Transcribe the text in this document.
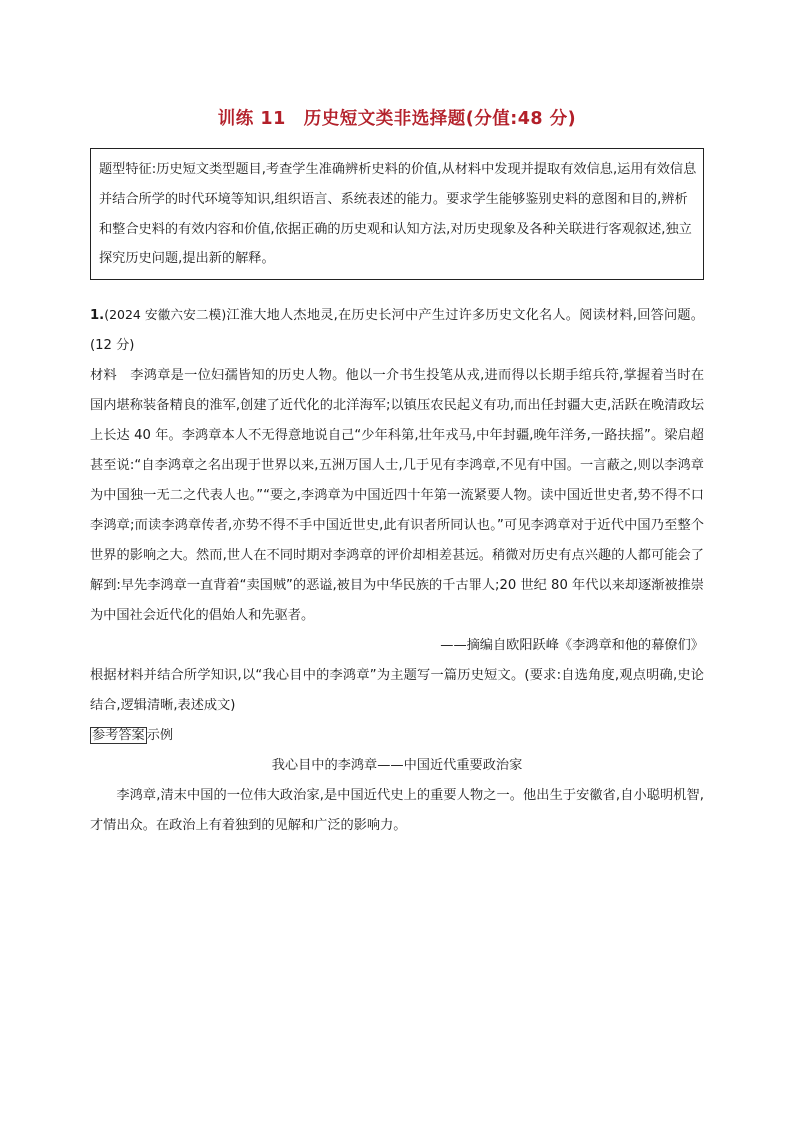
训练 11　历史短文类非选择题(分值:48 分)
题型特征:历史短文类型题目,考查学生准确辨析史料的价值,从材料中发现并提取有效信息,运用有效信息并结合所学的时代环境等知识,组织语言、系统表述的能力。要求学生能够鉴别史料的意图和目的,辨析和整合史料的有效内容和价值,依据正确的历史观和认知方法,对历史现象及各种关联进行客观叙述,独立探究历史问题,提出新的解释。

1.(2024 安徽六安二模)江淮大地人杰地灵,在历史长河中产生过许多历史文化名人。阅读材料,回答问题。(12 分)

材料 李鸿章是一位妇孺皆知的历史人物。他以一介书生投笔从戎,进而得以长期手绾兵符,掌握着当时在国内堪称装备精良的淮军,创建了近代化的北洋海军;以镇压农民起义有功,而出任封疆大吏,活跃在晚清政坛上长达 40 年。李鸿章本人不无得意地说自己“少年科第,壮年戎马,中年封疆,晚年洋务,一路扶摇”。梁启超甚至说:“自李鸿章之名出现于世界以来,五洲万国人士,几于见有李鸿章,不见有中国。一言蔽之,则以李鸿章为中国独一无二之代表人也。”“要之,李鸿章为中国近四十年第一流紧要人物。读中国近世史者,势不得不口李鸿章;而读李鸿章传者,亦势不得不手中国近世史,此有识者所同认也。”可见李鸿章对于近代中国乃至整个世界的影响之大。然而,世人在不同时期对李鸿章的评价却相差甚远。稍微对历史有点兴趣的人都可能会了解到:早先李鸿章一直背着“卖国贼”的恶谥,被目为中华民族的千古罪人;20 世纪 80 年代以来却逐渐被推崇为中国社会近代化的倡始人和先驱者。

——摘编自欧阳跃峰《李鸿章和他的幕僚们》

根据材料并结合所学知识,以“我心目中的李鸿章”为主题写一篇历史短文。(要求:自选角度,观点明确,史论结合,逻辑清晰,表述成文)

参考答案 示例

我心目中的李鸿章——中国近代重要政治家

李鸿章,清末中国的一位伟大政治家,是中国近代史上的重要人物之一。他出生于安徽省,自小聪明机智,才情出众。在政治上有着独到的见解和广泛的影响力。
